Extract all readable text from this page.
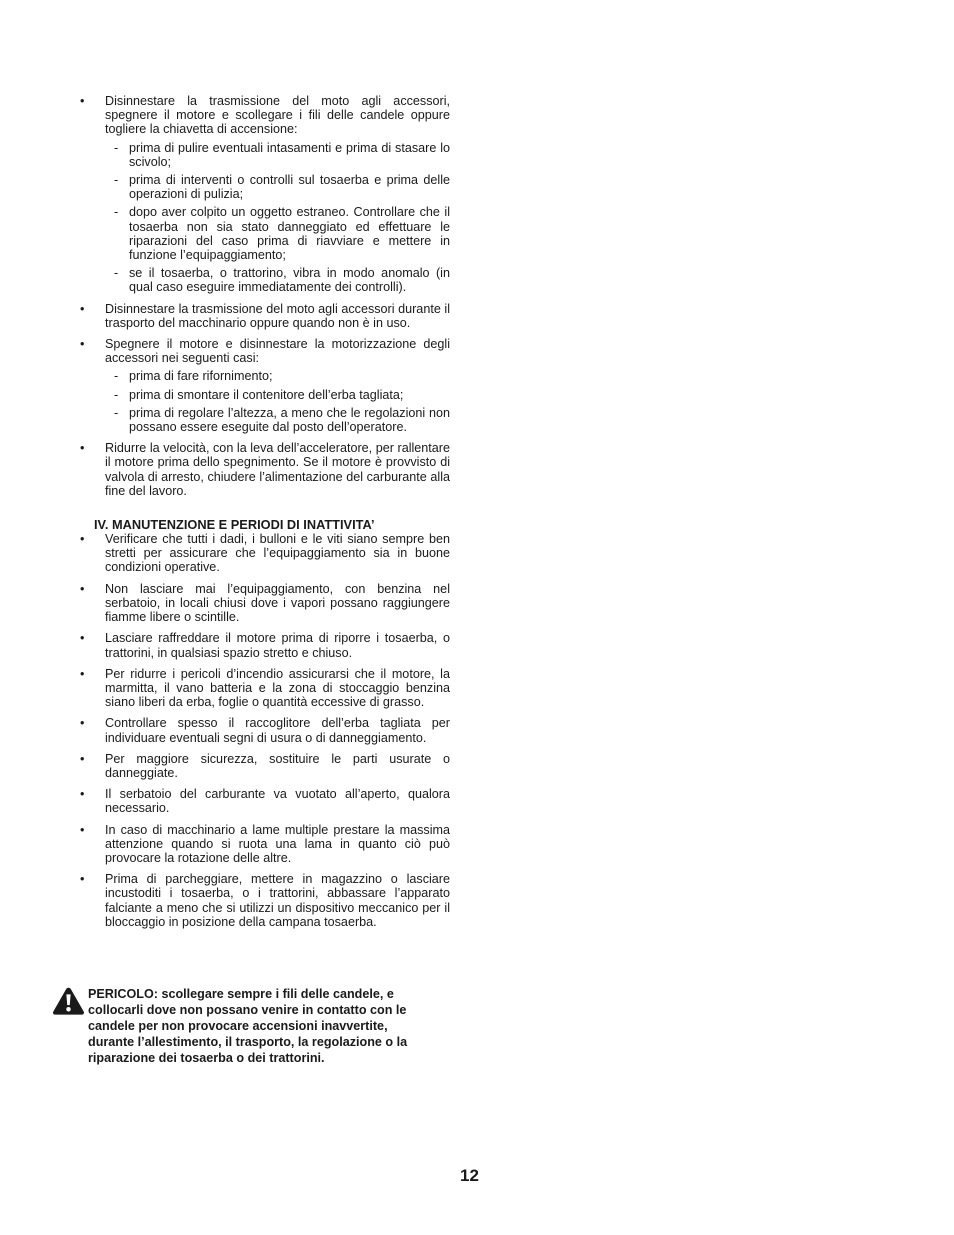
• Disinnestare la trasmissione del moto agli accessori, spegnere il motore e scollegare i fili delle candele oppure togliere la chiavetta di accensione:
- prima di pulire eventuali intasamenti e prima di stasare lo scivolo;
- prima di interventi o controlli sul tosaerba e prima delle operazioni di pulizia;
- dopo aver colpito un oggetto estraneo. Controllare che il tosaerba non sia stato danneggiato ed effettuare le riparazioni del caso prima di riavviare e mettere in funzione l’equipaggiamento;
- se il tosaerba, o trattorino, vibra in modo anomalo (in qual caso eseguire immediatamente dei controlli).
• Disinnestare la trasmissione del moto agli accessori durante il trasporto del macchinario oppure quando non è in uso.
• Spegnere il motore e disinnestare la motorizzazione degli accessori nei seguenti casi:
- prima di fare rifornimento;
- prima di smontare il contenitore dell’erba tagliata;
- prima di regolare l’altezza, a meno che le regolazioni non possano essere eseguite dal posto dell’operatore.
• Ridurre la velocità, con la leva dell’acceleratore, per rallentare il motore prima dello spegnimento. Se il motore è provvisto di valvola di arresto, chiudere l’alimentazione del carburante alla fine del lavoro.
IV. MANUTENZIONE E PERIODI DI INATTIVITA’
• Verificare che tutti i dadi, i bulloni e le viti siano sempre ben stretti per assicurare che l’equipaggiamento sia in buone condizioni operative.
• Non lasciare mai l’equipaggiamento, con benzina nel serbatoio, in locali chiusi dove i vapori possano raggiungere fiamme libere o scintille.
• Lasciare raffreddare il motore prima di riporre i tosaerba, o trattorini, in qualsiasi spazio stretto e chiuso.
• Per ridurre i pericoli d’incendio assicurarsi che il motore, la marmitta, il vano batteria e la zona di stoccaggio benzina siano liberi da erba, foglie o quantità eccessive di grasso.
• Controllare spesso il raccoglitore dell’erba tagliata per individuare eventuali segni di usura o di danneggiamento.
• Per maggiore sicurezza, sostituire le parti usurate o danneggiate.
• Il serbatoio del carburante va vuotato all’aperto, qualora necessario.
• In caso di macchinario a lame multiple prestare la massima attenzione quando si ruota una lama in quanto ciò può provocare la rotazione delle altre.
• Prima di parcheggiare, mettere in magazzino o lasciare incustoditi i tosaerba, o i trattorini, abbassare l’apparato falciante a meno che si utilizzi un dispositivo meccanico per il bloccaggio in posizione della campana tosaerba.
PERICOLO: scollegare sempre i fili delle candele, e collocarli dove non possano venire in contatto con le candele per non provocare accensioni inavvertite, durante l’allestimento, il trasporto, la regolazione o la riparazione dei tosaerba o dei trattorini.
12
